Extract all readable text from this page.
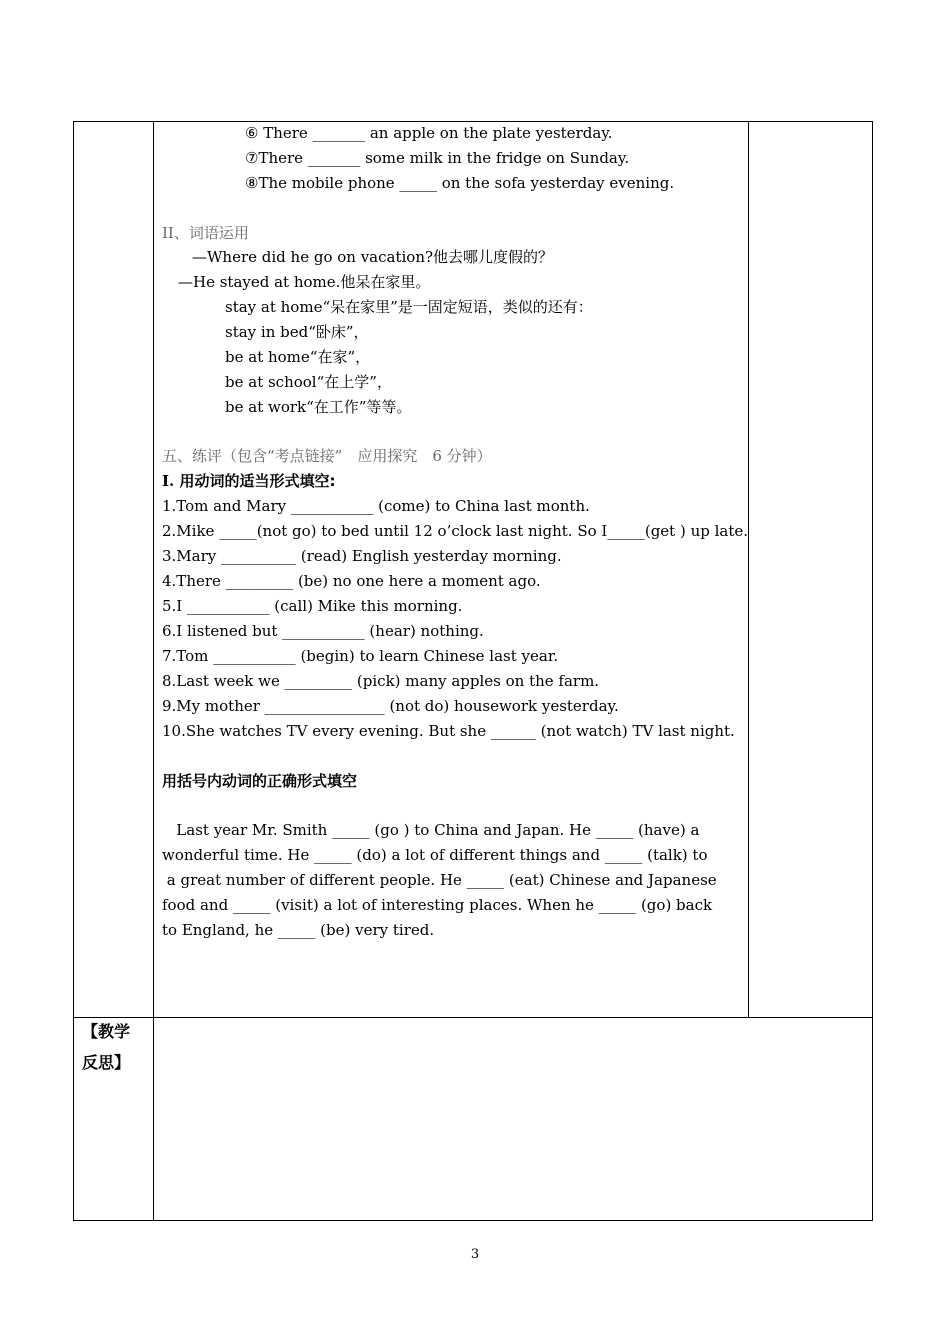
⑥ There _______ an apple on the plate yesterday.
⑦There _______ some milk in the fridge on Sunday.
⑧The mobile phone _____ on the sofa yesterday evening.
II、词语运用
—Where did he go on vacation?他去哪儿度假的？
—He stayed at home.他呆在家里。
stay at home“呆在家里”是一固定短语，类似的还有：
stay in bed“卧床”，
be at home“在家”，
be at school“在上学”，
be at work“在工作”等等。
五、练评（包含“考点链接”　应用探究　6 分钟）
I. 用动词的适当形式填空:
1.Tom and Mary ___________ (come) to China last month.
2.Mike _____(not go) to bed until 12 o’clock last night. So I_____(get ) up late.
3.Mary __________ (read) English yesterday morning.
4.There _________ (be) no one here a moment ago.
5.I ___________ (call) Mike this morning.
6.I listened but ___________ (hear) nothing.
7.Tom ___________ (begin) to learn Chinese last year.
8.Last week we _________ (pick) many apples on the farm.
9.My mother ________________ (not do) housework yesterday.
10.She watches TV every evening. But she ______ (not watch) TV last night.
用括号内动词的正确形式填空
Last year Mr. Smith _____ (go ) to China and Japan. He _____ (have) a
wonderful time. He _____ (do) a lot of different things and _____ (talk) to
a great number of different people. He _____ (eat) Chinese and Japanese
food and _____ (visit) a lot of interesting places. When he _____ (go) back
to England, he _____ (be) very tired.
【教学
反思】
3
